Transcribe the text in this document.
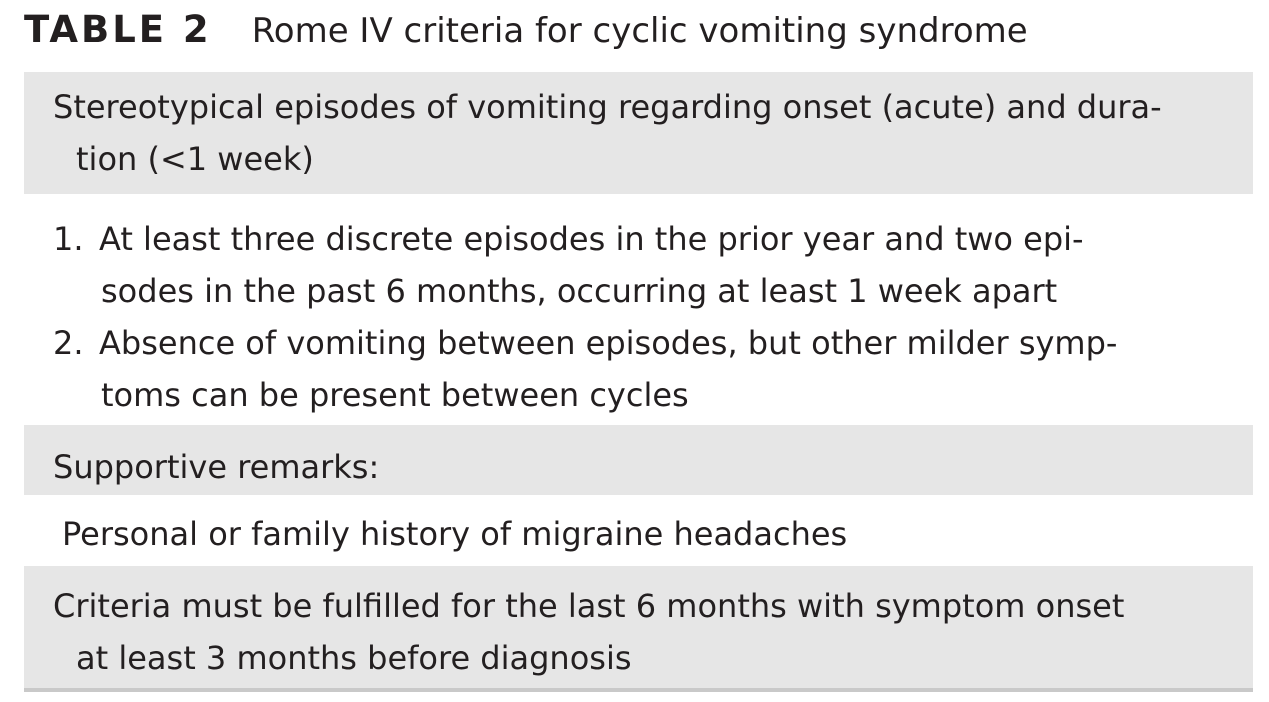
TABLE 2 Rome IV criteria for cyclic vomiting syndrome
Stereotypical episodes of vomiting regarding onset (acute) and dura-
tion (<1 week)
1. At least three discrete episodes in the prior year and two epi-
sodes in the past 6 months, occurring at least 1 week apart
2. Absence of vomiting between episodes, but other milder symp-
toms can be present between cycles
Supportive remarks:
Personal or family history of migraine headaches
Criteria must be fulfilled for the last 6 months with symptom onset
at least 3 months before diagnosis
